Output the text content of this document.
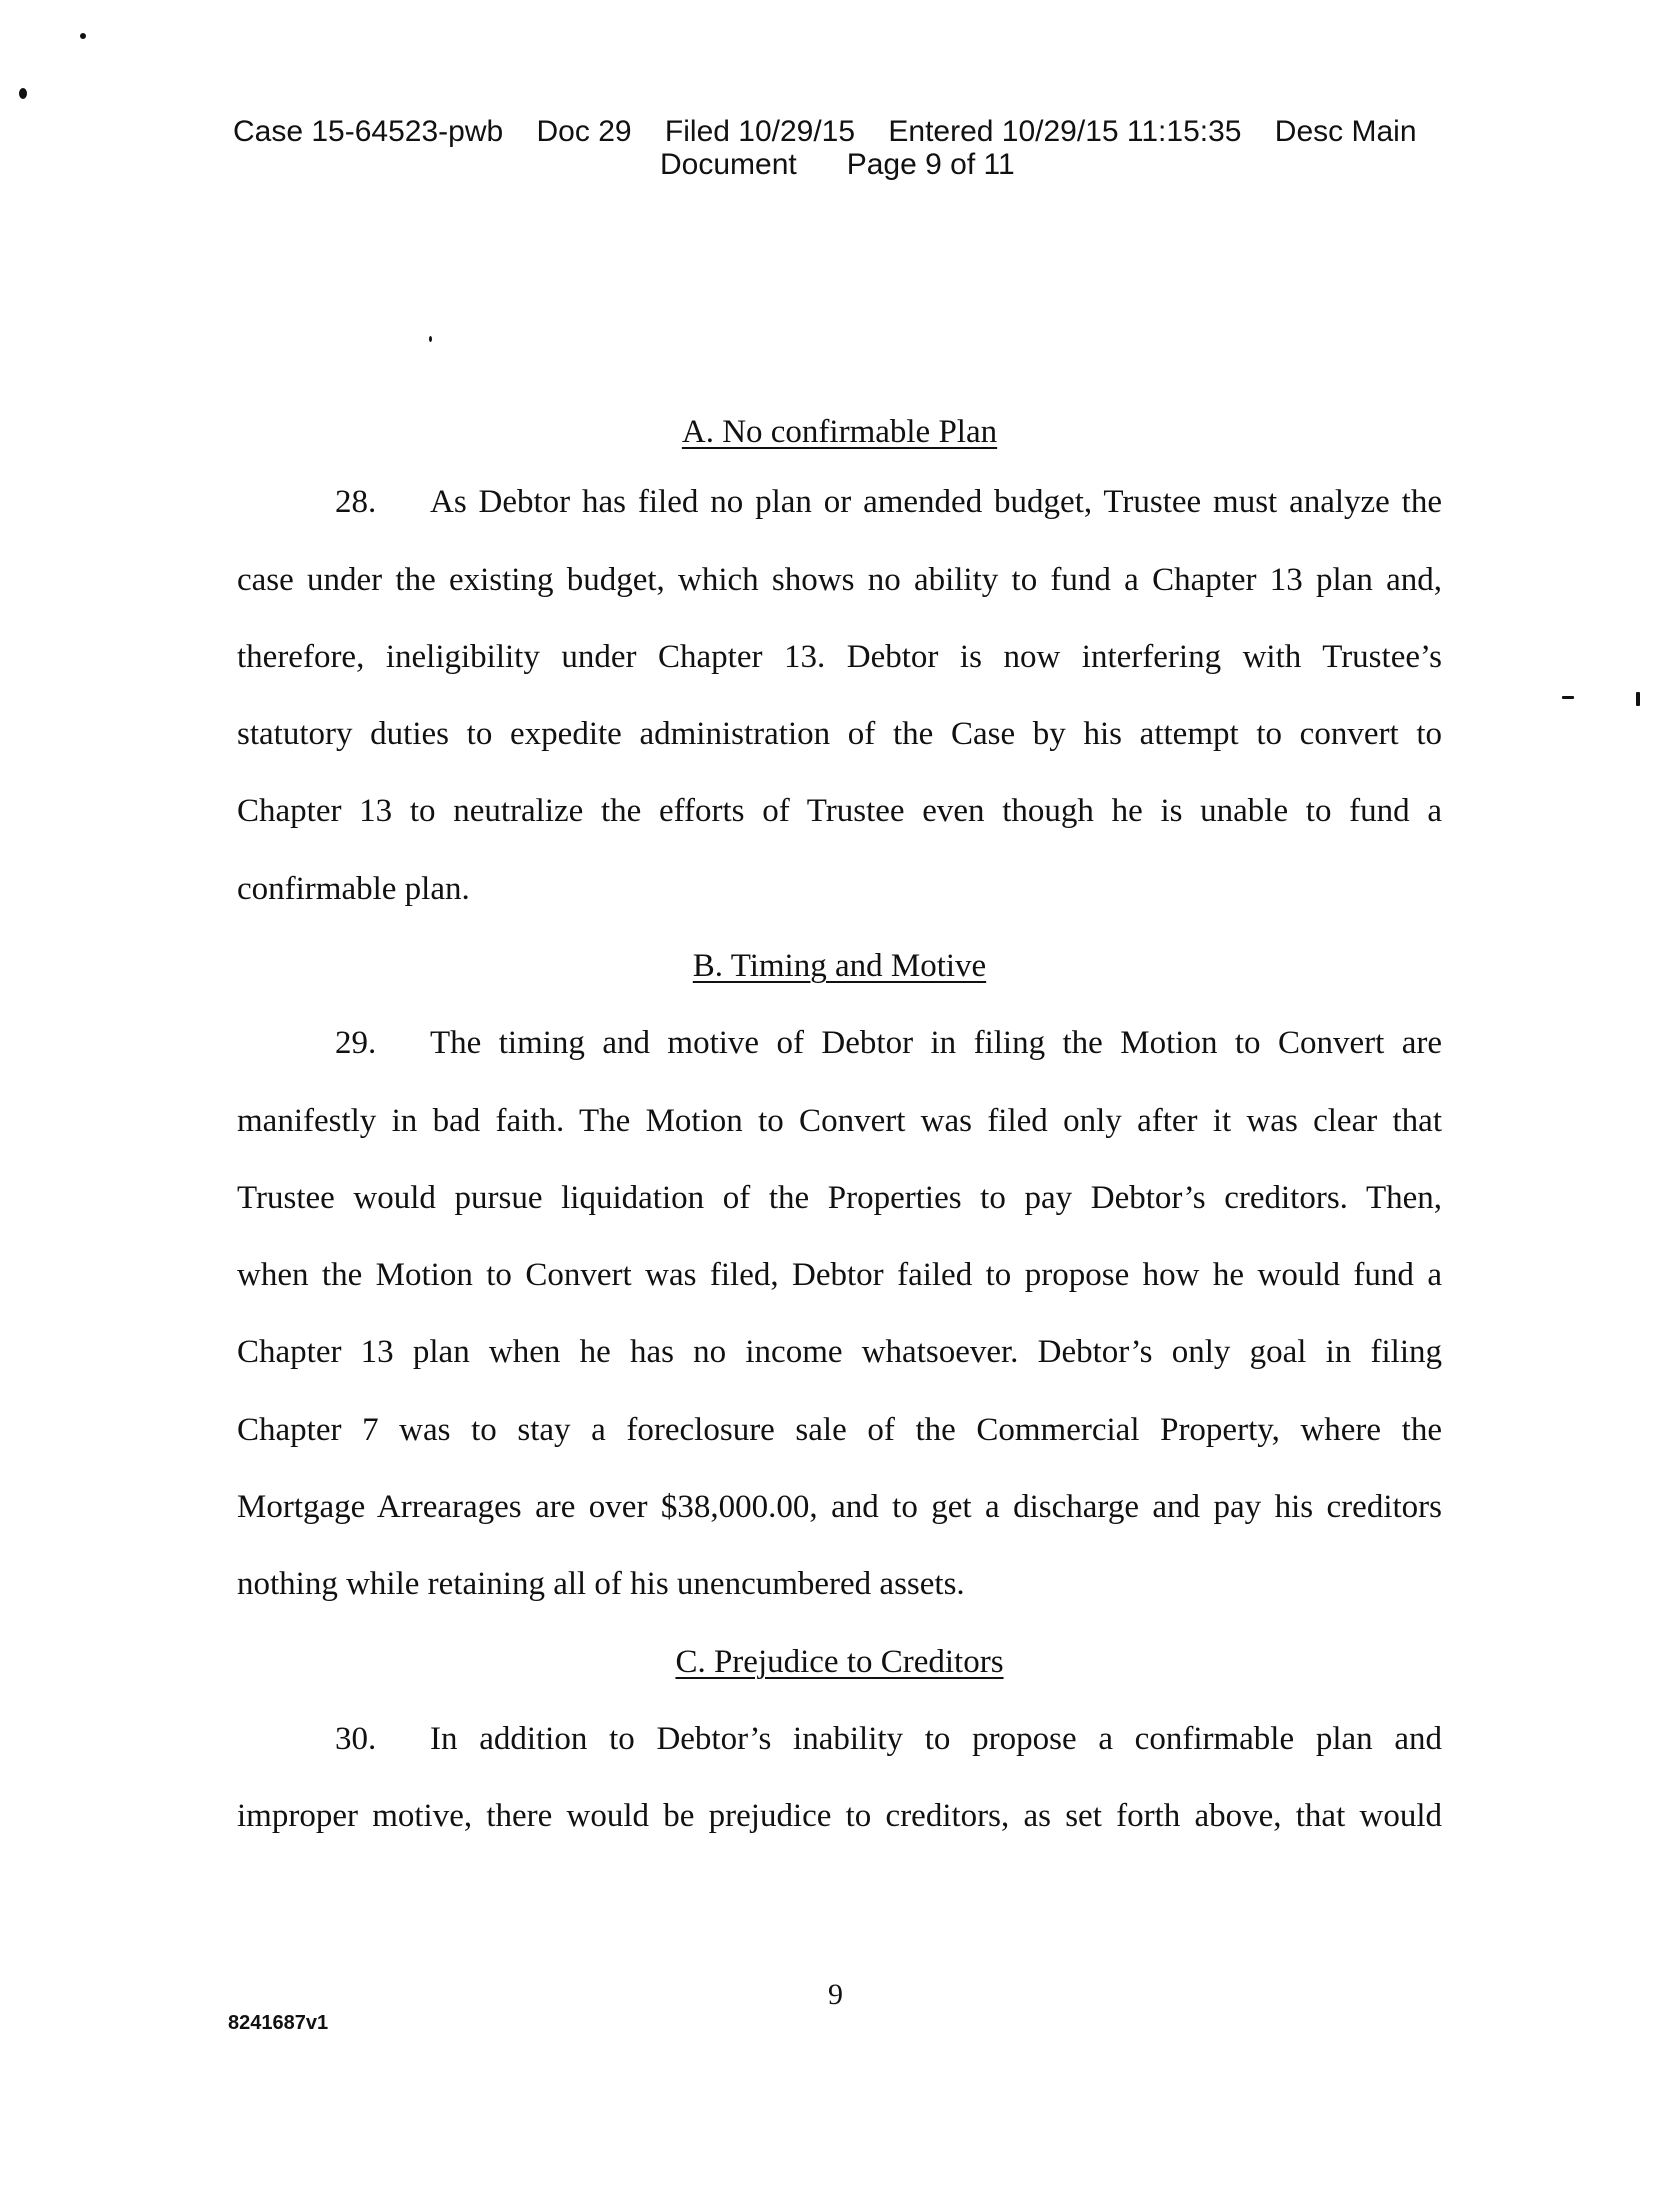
Case 15-64523-pwb    Doc 29    Filed 10/29/15    Entered 10/29/15 11:15:35    Desc Main
Document      Page 9 of 11
A. No confirmable Plan
28. As Debtor has filed no plan or amended budget, Trustee must analyze the
case under the existing budget, which shows no ability to fund a Chapter 13 plan and,
therefore, ineligibility under Chapter 13. Debtor is now interfering with Trustee’s
statutory duties to expedite administration of the Case by his attempt to convert to
Chapter 13 to neutralize the efforts of Trustee even though he is unable to fund a
confirmable plan.
B. Timing and Motive
29. The timing and motive of Debtor in filing the Motion to Convert are
manifestly in bad faith. The Motion to Convert was filed only after it was clear that
Trustee would pursue liquidation of the Properties to pay Debtor’s creditors. Then,
when the Motion to Convert was filed, Debtor failed to propose how he would fund a
Chapter 13 plan when he has no income whatsoever. Debtor’s only goal in filing
Chapter 7 was to stay a foreclosure sale of the Commercial Property, where the
Mortgage Arrearages are over $38,000.00, and to get a discharge and pay his creditors
nothing while retaining all of his unencumbered assets.
C. Prejudice to Creditors
30. In addition to Debtor’s inability to propose a confirmable plan and
improper motive, there would be prejudice to creditors, as set forth above, that would
9
8241687v1
